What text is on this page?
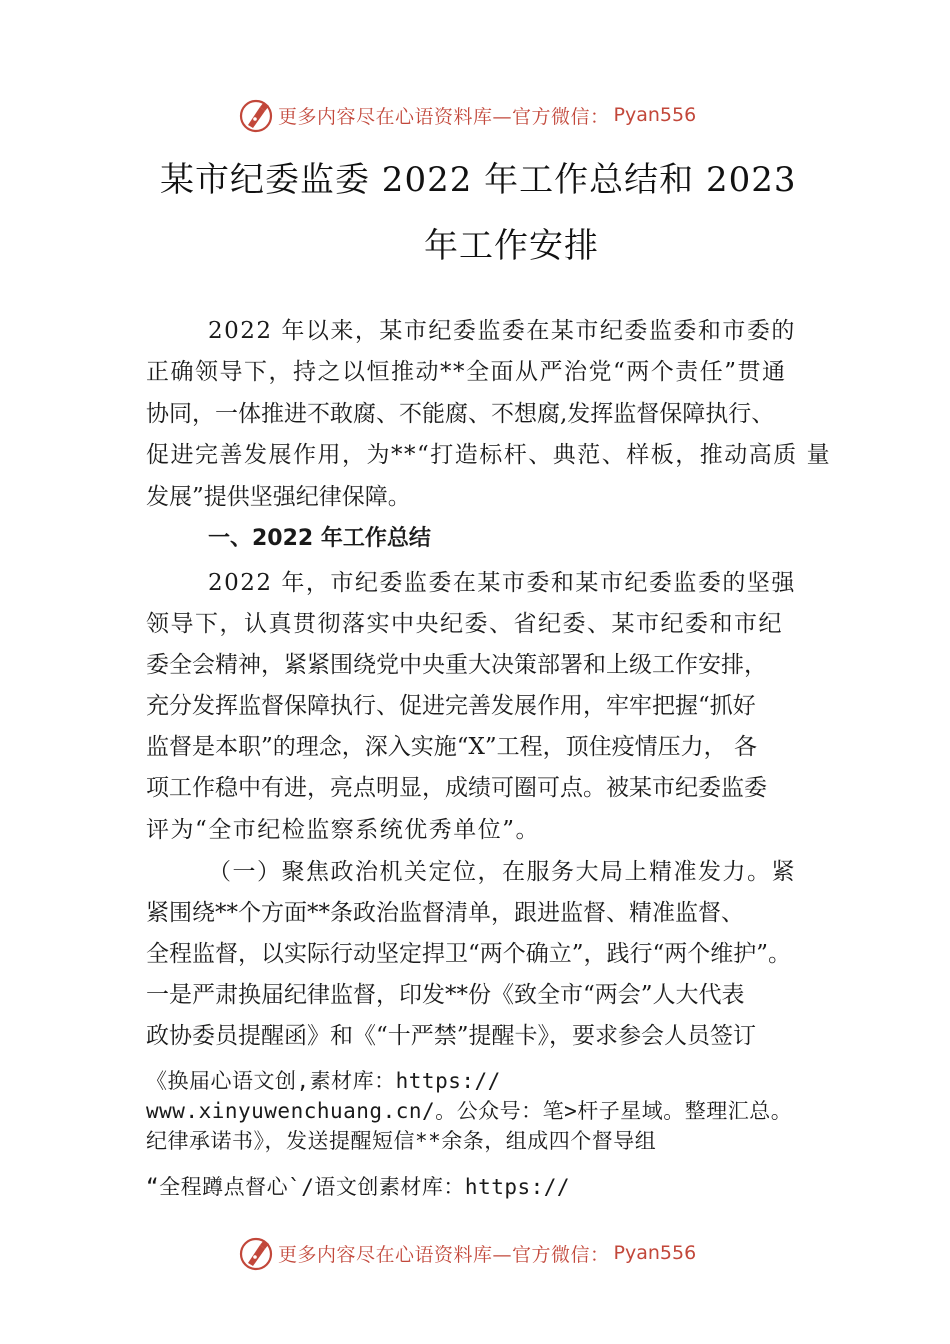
更多内容尽在心语资料库—官方微信： Pyan556
某市纪委监委 2022 年工作总结和 2023
年工作安排
2022 年以来，某市纪委监委在某市纪委监委和市委的
正确领导下，持之以恒推动**全面从严治党“两个责任”贯通
协同，一体推进不敢腐、不能腐、不想腐,发挥监督保障执行、
促进完善发展作用，为**“打造标杆、典范、样板，推动高质 量
发展”提供坚强纪律保障。
一、2022 年工作总结
2022 年，市纪委监委在某市委和某市纪委监委的坚强
领导下，认真贯彻落实中央纪委、省纪委、某市纪委和市纪
委全会精神，紧紧围绕党中央重大决策部署和上级工作安排，
充分发挥监督保障执行、促进完善发展作用，牢牢把握“抓好
监督是本职”的理念，深入实施“X”工程，顶住疫情压力， 各
项工作稳中有进，亮点明显，成绩可圈可点。被某市纪委监委
评为“全市纪检监察系统优秀单位”。
（一）聚焦政治机关定位，在服务大局上精准发力。紧
紧围绕**个方面**条政治监督清单，跟进监督、精准监督、
全程监督，以实际行动坚定捍卫“两个确立”，践行“两个维护”。
一是严肃换届纪律监督，印发**份《致全市“两会”人大代表
政协委员提醒函》和《“十严禁”提醒卡》，要求参会人员签订
《换届心语文创,素材库：https://
www.xinyuwenchuang.cn/。公众号：笔>杆子星域。整理汇总。
纪律承诺书》，发送提醒短信**余条，组成四个督导组
“全程蹲点督心`/语文创素材库：https://
更多内容尽在心语资料库—官方微信： Pyan556
